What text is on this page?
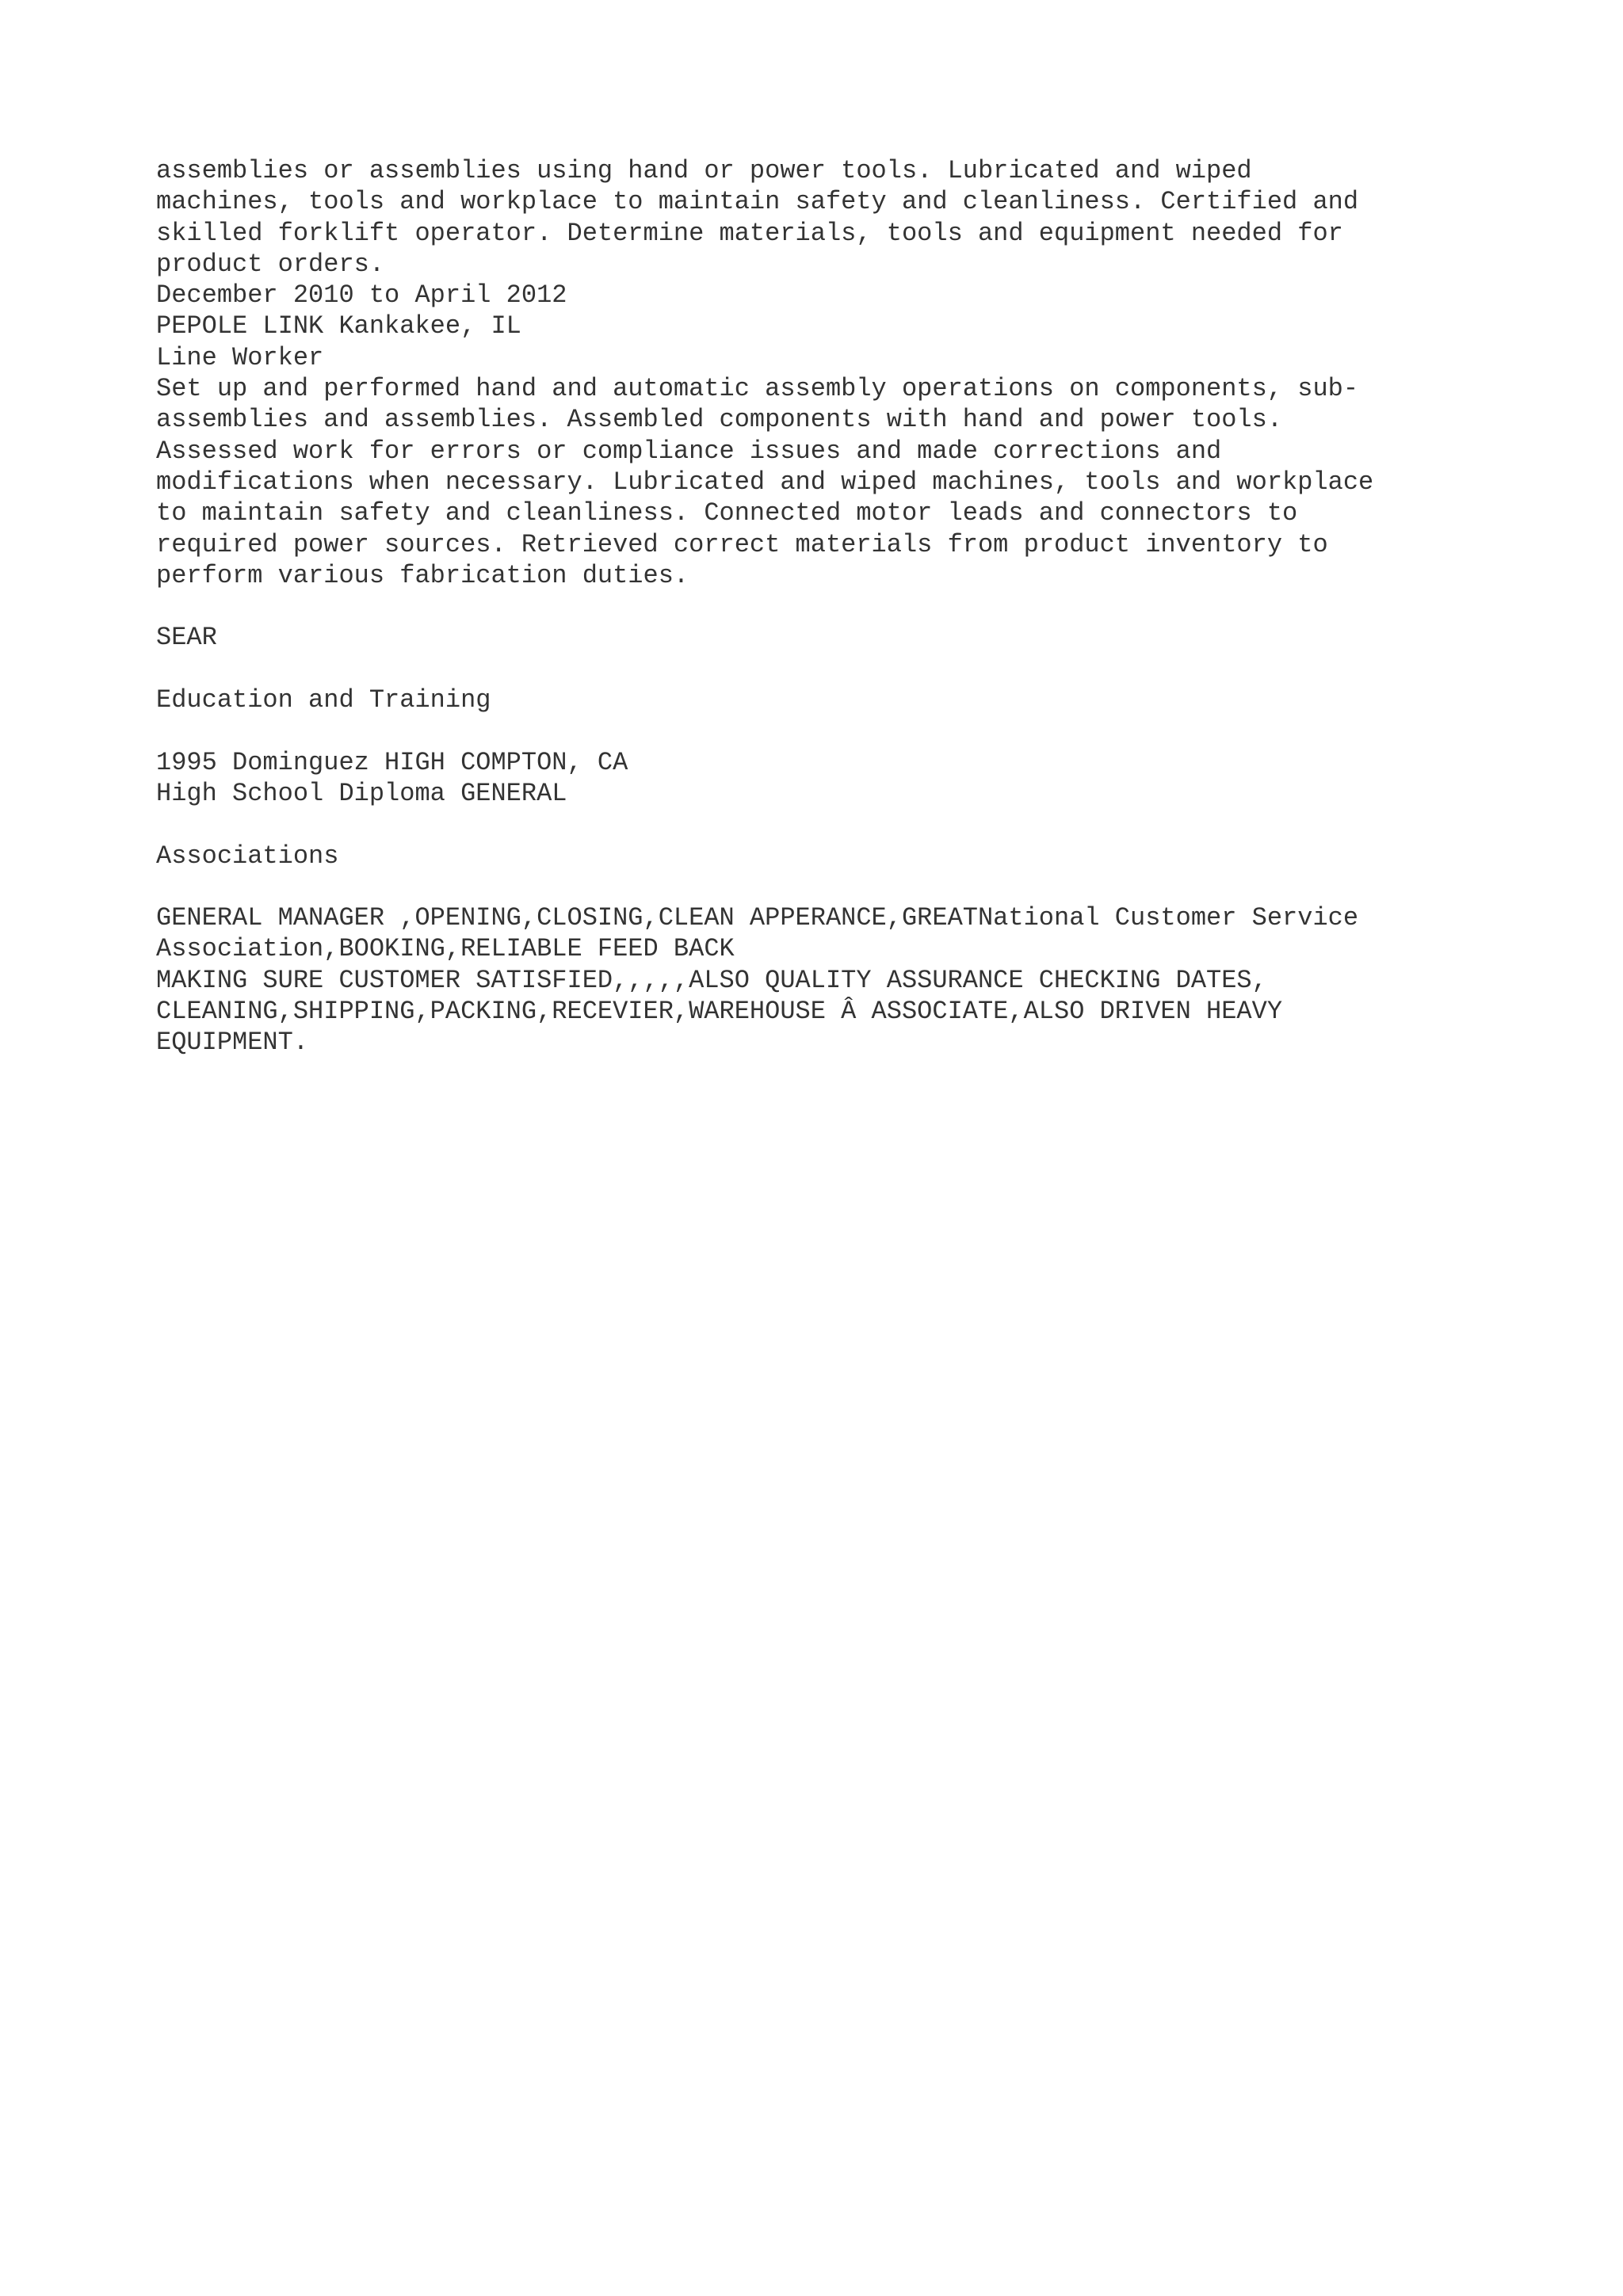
assemblies or assemblies using hand or power tools. Lubricated and wiped
machines, tools and workplace to maintain safety and cleanliness. Certified and
skilled forklift operator. Determine materials, tools and equipment needed for
product orders.
December 2010 to April 2012
PEPOLE LINK Kankakee, IL
Line Worker
Set up and performed hand and automatic assembly operations on components, sub-
assemblies and assemblies. Assembled components with hand and power tools.
Assessed work for errors or compliance issues and made corrections and
modifications when necessary. Lubricated and wiped machines, tools and workplace
to maintain safety and cleanliness. Connected motor leads and connectors to
required power sources. Retrieved correct materials from product inventory to
perform various fabrication duties.
SEAR
Education and Training
1995 Dominguez HIGH COMPTON, CA
High School Diploma GENERAL
Associations
GENERAL MANAGER ,OPENING,CLOSING,CLEAN APPERANCE,GREATNational Customer Service
Association,BOOKING,RELIABLE FEED BACK
MAKING SURE CUSTOMER SATISFIED,,,,,ALSO QUALITY ASSURANCE CHECKING DATES,
CLEANING,SHIPPING,PACKING,RECEVIER,WAREHOUSE Â ASSOCIATE,ALSO DRIVEN HEAVY
EQUIPMENT.
